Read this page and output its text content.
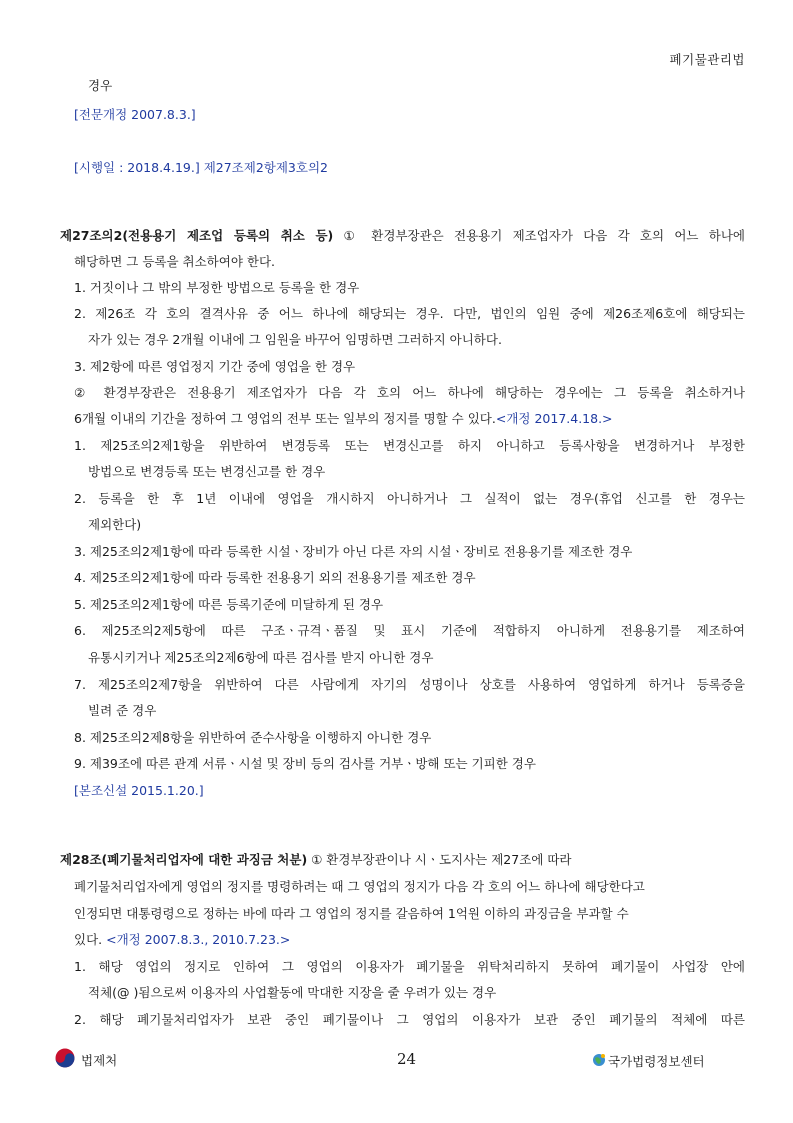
폐기물관리법
경우
[전문개정 2007.8.3.]
[시행일 : 2018.4.19.] 제27조제2항제3호의2
제27조의2(전용용기 제조업 등록의 취소 등) ① 환경부장관은 전용용기 제조업자가 다음 각 호의 어느 하나에
해당하면 그 등록을 취소하여야 한다.
1. 거짓이나 그 밖의 부정한 방법으로 등록을 한 경우
2. 제26조 각 호의 결격사유 중 어느 하나에 해당되는 경우. 다만, 법인의 임원 중에 제26조제6호에 해당되는
자가 있는 경우 2개월 이내에 그 임원을 바꾸어 임명하면 그러하지 아니하다.
3. 제2항에 따른 영업정지 기간 중에 영업을 한 경우
② 환경부장관은 전용용기 제조업자가 다음 각 호의 어느 하나에 해당하는 경우에는 그 등록을 취소하거나
6개월 이내의 기간을 정하여 그 영업의 전부 또는 일부의 정지를 명할 수 있다.<개정 2017.4.18.>
1. 제25조의2제1항을 위반하여 변경등록 또는 변경신고를 하지 아니하고 등록사항을 변경하거나 부정한
방법으로 변경등록 또는 변경신고를 한 경우
2. 등록을 한 후 1년 이내에 영업을 개시하지 아니하거나 그 실적이 없는 경우(휴업 신고를 한 경우는
제외한다)
3. 제25조의2제1항에 따라 등록한 시설ㆍ장비가 아닌 다른 자의 시설ㆍ장비로 전용용기를 제조한 경우
4. 제25조의2제1항에 따라 등록한 전용용기 외의 전용용기를 제조한 경우
5. 제25조의2제1항에 따른 등록기준에 미달하게 된 경우
6. 제25조의2제5항에 따른 구조ㆍ규격ㆍ품질 및 표시 기준에 적합하지 아니하게 전용용기를 제조하여
유통시키거나 제25조의2제6항에 따른 검사를 받지 아니한 경우
7. 제25조의2제7항을 위반하여 다른 사람에게 자기의 성명이나 상호를 사용하여 영업하게 하거나 등록증을
빌려 준 경우
8. 제25조의2제8항을 위반하여 준수사항을 이행하지 아니한 경우
9. 제39조에 따른 관계 서류ㆍ시설 및 장비 등의 검사를 거부ㆍ방해 또는 기피한 경우
[본조신설 2015.1.20.]
제28조(폐기물처리업자에 대한 과징금 처분) ① 환경부장관이나 시ㆍ도지사는 제27조에 따라
폐기물처리업자에게 영업의 정지를 명령하려는 때 그 영업의 정지가 다음 각 호의 어느 하나에 해당한다고
인정되면 대통령령으로 정하는 바에 따라 그 영업의 정지를 갈음하여 1억원 이하의 과징금을 부과할 수
있다. <개정 2007.8.3., 2010.7.23.>
1. 해당 영업의 정지로 인하여 그 영업의 이용자가 폐기물을 위탁처리하지 못하여 폐기물이 사업장 안에
적체(@ )됨으로써 이용자의 사업활동에 막대한 지장을 줄 우려가 있는 경우
2. 해당 폐기물처리업자가 보관 중인 폐기물이나 그 영업의 이용자가 보관 중인 폐기물의 적체에 따른
법제처	24	국가법령정보센터
